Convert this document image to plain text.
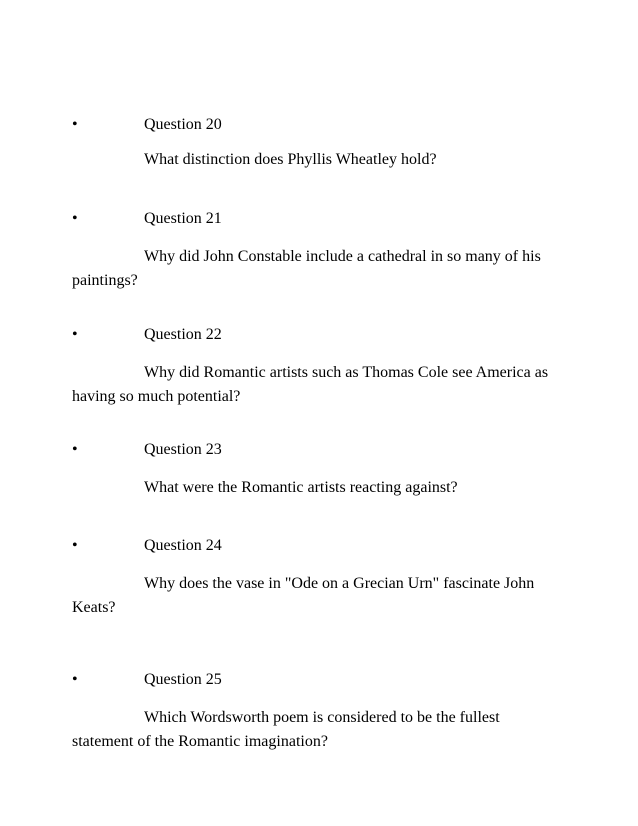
•	Question 20

What distinction does Phyllis Wheatley hold?

•	Question 21

Why did John Constable include a cathedral in so many of his paintings?

•	Question 22

Why did Romantic artists such as Thomas Cole see America as having so much potential?

•	Question 23

What were the Romantic artists reacting against?

•	Question 24

Why does the vase in "Ode on a Grecian Urn" fascinate John Keats?

•	Question 25

Which Wordsworth poem is considered to be the fullest statement of the Romantic imagination?
